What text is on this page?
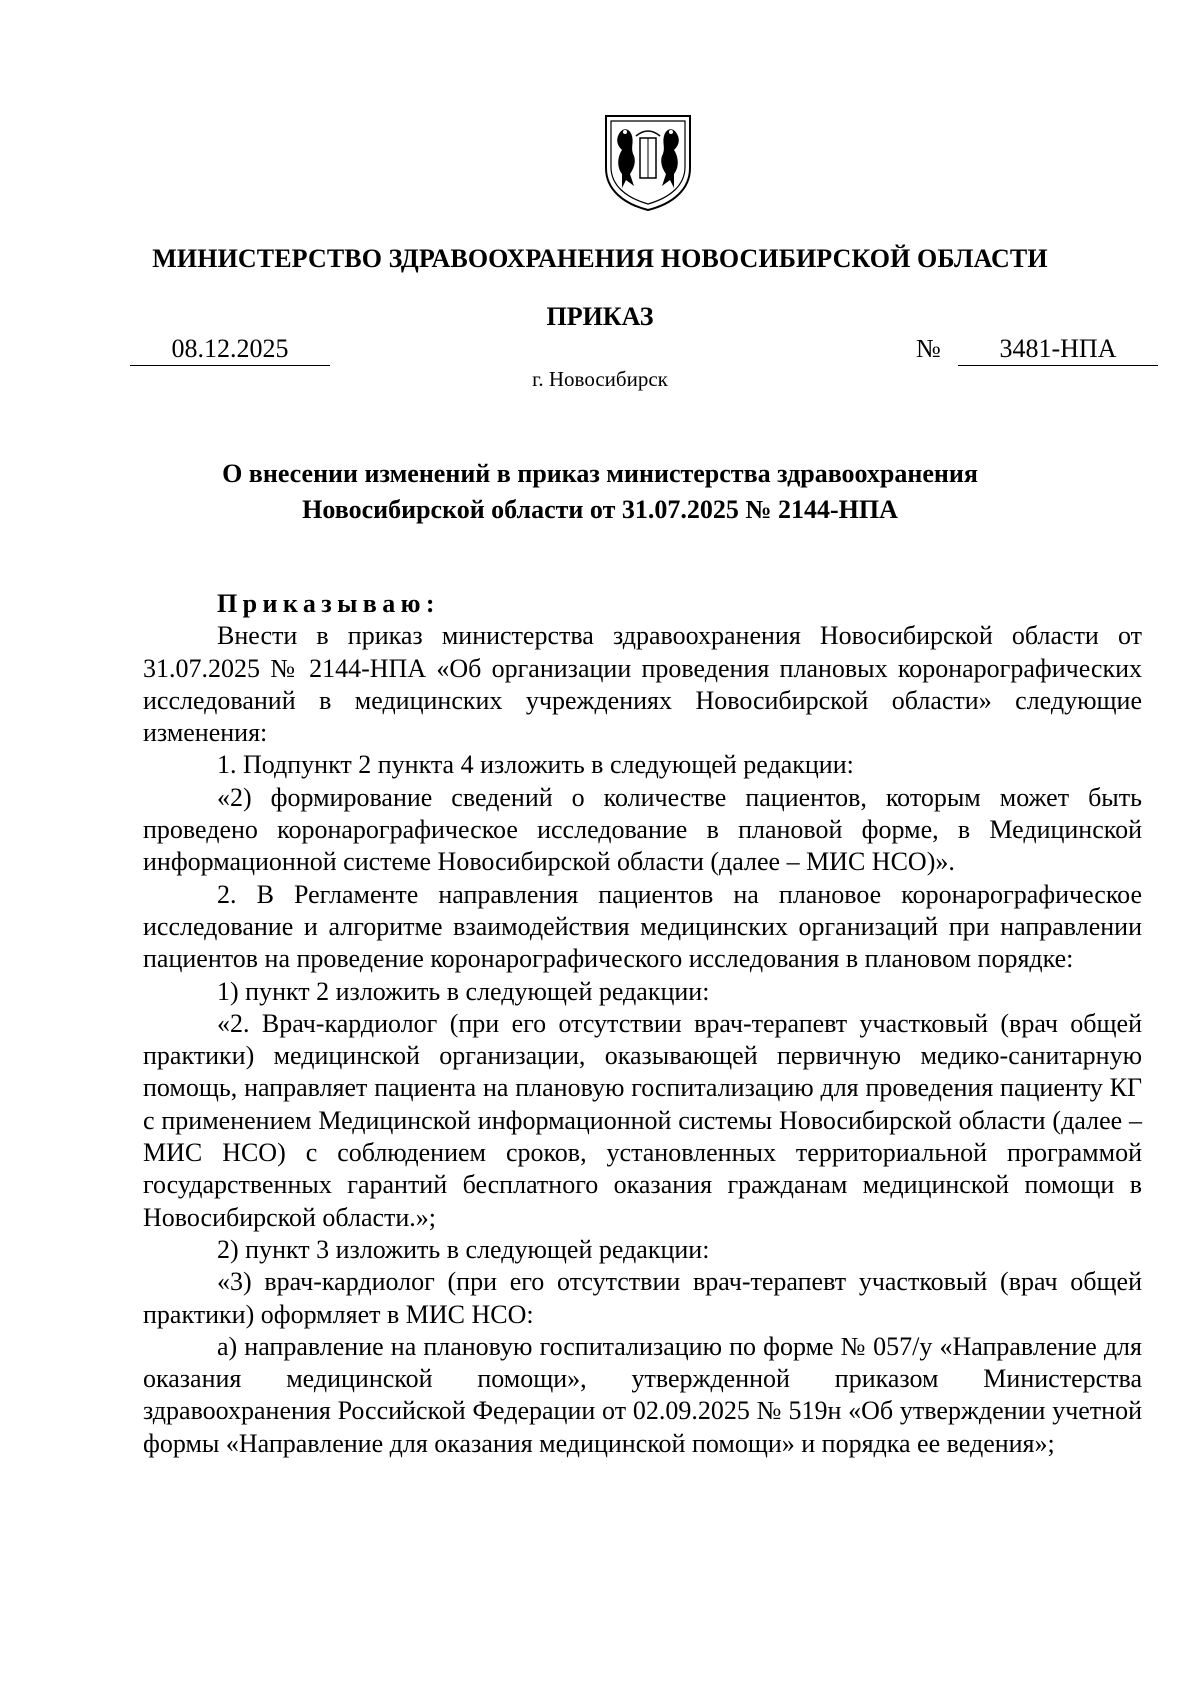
МИНИСТЕРСТВО ЗДРАВООХРАНЕНИЯ НОВОСИБИРСКОЙ ОБЛАСТИ
ПРИКАЗ
08.12.2025	№	3481-НПА
г. Новосибирск
О внесении изменений в приказ министерства здравоохранения
Новосибирской области от 31.07.2025 № 2144-НПА

Приказываю:

Внести в приказ министерства здравоохранения Новосибирской области от 31.07.2025 № 2144-НПА «Об организации проведения плановых коронарографических исследований в медицинских учреждениях Новосибирской области» следующие изменения:

1. Подпункт 2 пункта 4 изложить в следующей редакции:

«2) формирование сведений о количестве пациентов, которым может быть проведено коронарографическое исследование в плановой форме, в Медицинской информационной системе Новосибирской области (далее – МИС НСО)».

2. В Регламенте направления пациентов на плановое коронарографическое исследование и алгоритме взаимодействия медицинских организаций при направлении пациентов на проведение коронарографического исследования в плановом порядке:

1) пункт 2 изложить в следующей редакции:

«2. Врач-кардиолог (при его отсутствии врач-терапевт участковый (врач общей практики) медицинской организации, оказывающей первичную медико-санитарную помощь, направляет пациента на плановую госпитализацию для проведения пациенту КГ с применением Медицинской информационной системы Новосибирской области (далее – МИС НСО) с соблюдением сроков, установленных территориальной программой государственных гарантий бесплатного оказания гражданам медицинской помощи в Новосибирской области.»;

2) пункт 3 изложить в следующей редакции:

«3) врач-кардиолог (при его отсутствии врач-терапевт участковый (врач общей практики) оформляет в МИС НСО:

а) направление на плановую госпитализацию по форме № 057/у «Направление для оказания медицинской помощи», утвержденной приказом Министерства здравоохранения Российской Федерации от 02.09.2025 № 519н «Об утверждении учетной формы «Направление для оказания медицинской помощи» и порядка ее ведения»;
